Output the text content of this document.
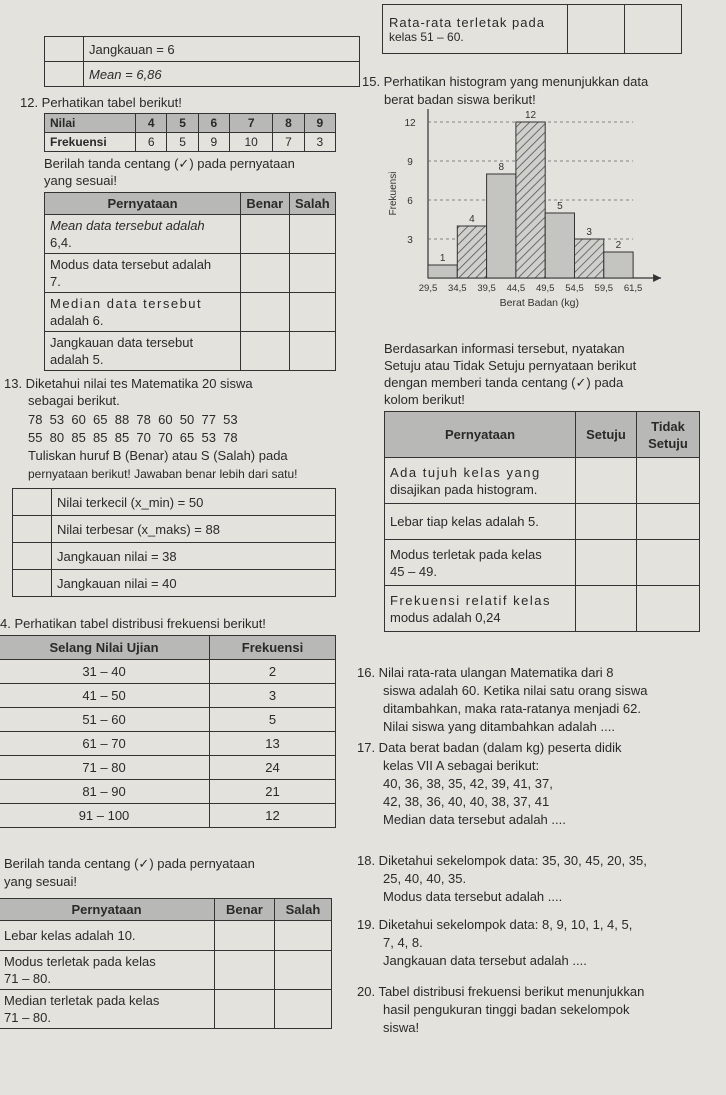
	Jangkauan = 6
	Mean = 6,86
Rata-rata terletak pada
kelas 51 – 60.

12. Perhatikan tabel berikut!
Nilai	4	5	6	7	8	9
Frekuensi	6	5	9	10	7	3
Berilah tanda centang (✓) pada pernyataan
yang sesuai!
Pernyataan	Benar	Salah

Mean data tersebut adalah
6,4.		

Modus data tersebut adalah
7.		

Median data tersebut
adalah 6.		

Jangkauan data tersebut
adalah 5.		

13. Diketahui nilai tes Matematika 20 siswa
sebagai berikut.
78  53  60  65  88  78  60  50  77  53
55  80  85  85  85  70  70  65  53  78
Tuliskan huruf B (Benar) atau S (Salah) pada
pernyataan berikut! Jawaban benar lebih dari satu!
	Nilai terkecil (x_min) = 50
	Nilai terbesar (x_maks) = 88
	Jangkauan nilai = 38
	Jangkauan nilai = 40
4. Perhatikan tabel distribusi frekuensi berikut!
Selang Nilai Ujian	Frekuensi
31 – 40	2
41 – 50	3
51 – 60	5
61 – 70	13
71 – 80	24
81 – 90	21
91 – 100	12
Berilah tanda centang (✓) pada pernyataan
yang sesuai!
Pernyataan	Benar	Salah

Lebar kelas adalah 10.		

Modus terletak pada kelas
71 – 80.		

Median terletak pada kelas
71 – 80.		

15. Perhatikan histogram yang menunjukkan data
berat badan siswa berikut!
3
6
9
12
Frekuensi
1
4
8
12
5
3
2
29,5 34,5 39,5 44,5 49,5 54,5 59,5 61,5
Berat Badan (kg)
Berdasarkan informasi tersebut, nyatakan
Setuju atau Tidak Setuju pernyataan berikut
dengan memberi tanda centang (✓) pada
kolom berikut!
Pernyataan	Setuju	Tidak Setuju

Ada tujuh kelas yang
disajikan pada histogram.		

Lebar tiap kelas adalah 5.		

Modus terletak pada kelas
45 – 49.		

Frekuensi relatif kelas
modus adalah 0,24		

16. Nilai rata-rata ulangan Matematika dari 8
siswa adalah 60. Ketika nilai satu orang siswa
ditambahkan, maka rata-ratanya menjadi 62.
Nilai siswa yang ditambahkan adalah ....
17. Data berat badan (dalam kg) peserta didik
kelas VII A sebagai berikut:
40, 36, 38, 35, 42, 39, 41, 37,
42, 38, 36, 40, 40, 38, 37, 41
Median data tersebut adalah ....
18. Diketahui sekelompok data: 35, 30, 45, 20, 35,
25, 40, 40, 35.
Modus data tersebut adalah ....
19. Diketahui sekelompok data: 8, 9, 10, 1, 4, 5,
7, 4, 8.
Jangkauan data tersebut adalah ....
20. Tabel distribusi frekuensi berikut menunjukkan
hasil pengukuran tinggi badan sekelompok
siswa!
